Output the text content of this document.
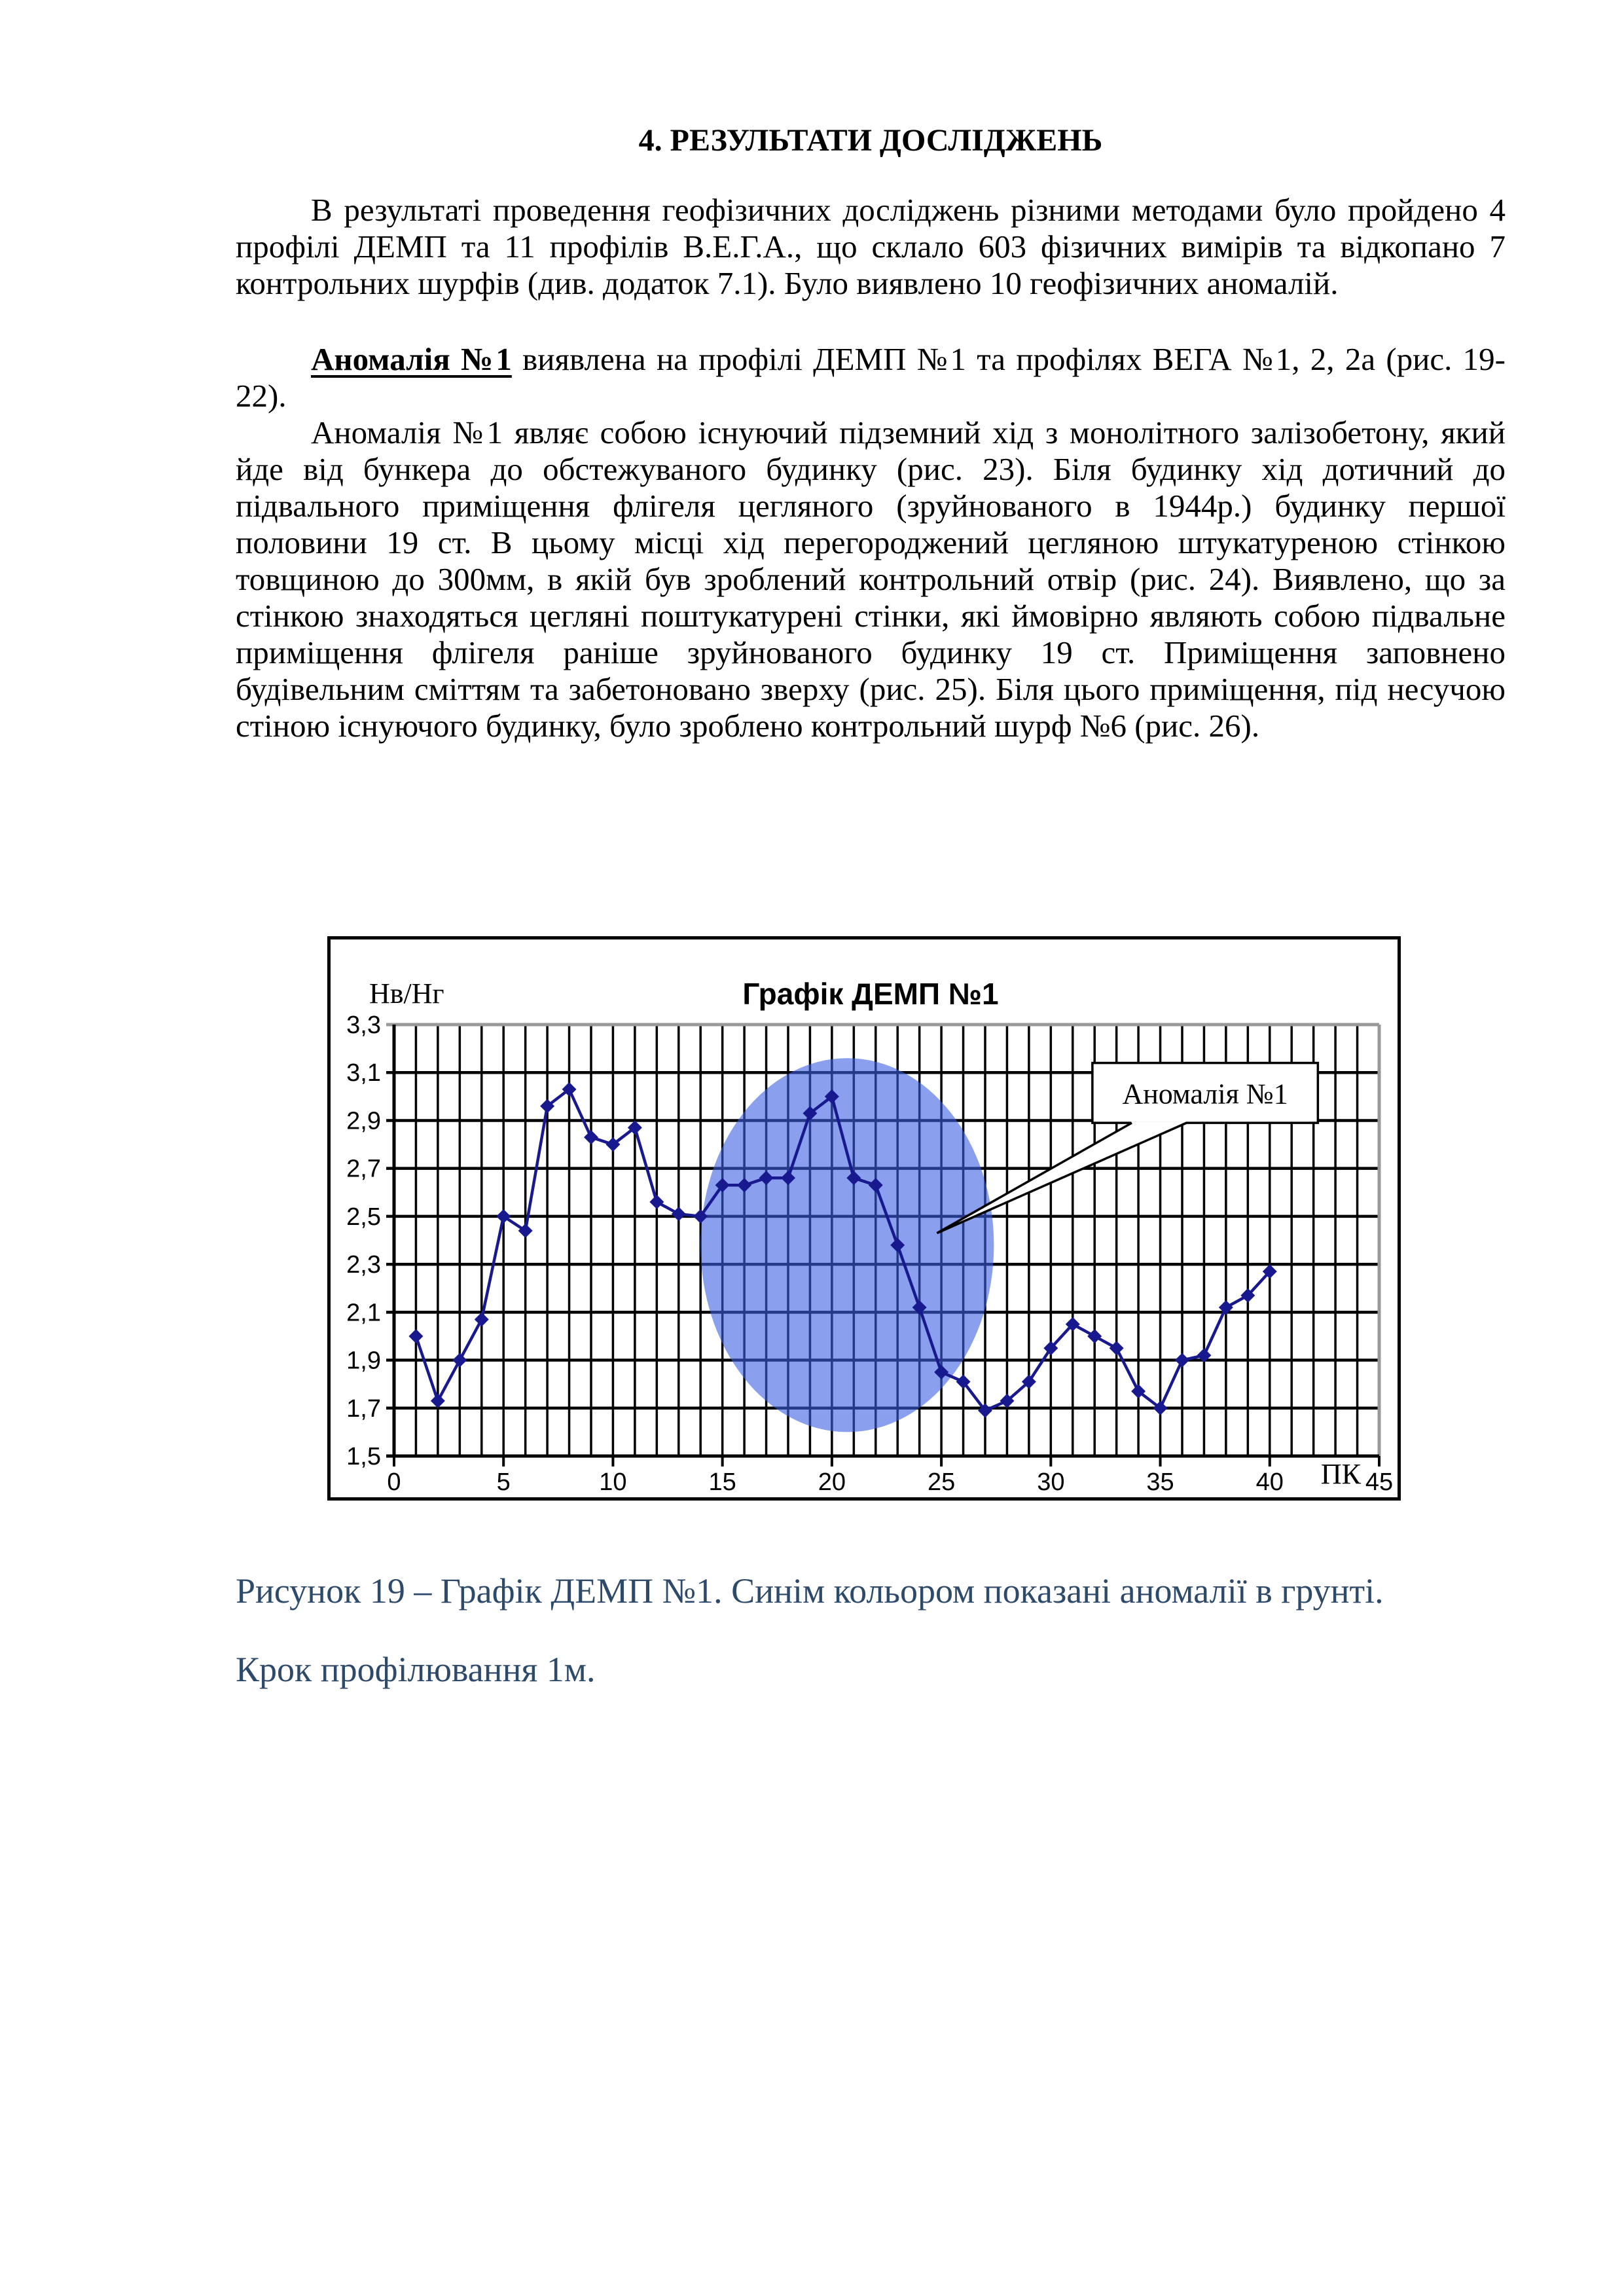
4. РЕЗУЛЬТАТИ ДОСЛІДЖЕНЬ

В результаті проведення геофізичних досліджень різними методами було пройдено 4 профілі ДЕМП та 11 профілів В.Е.Г.А., що склало 603 фізичних вимірів та відкопано 7 контрольних шурфів (див. додаток 7.1). Було виявлено 10 геофізичних аномалій.

Аномалія №1 виявлена на профілі ДЕМП №1 та профілях ВЕГА №1, 2, 2а (рис. 19-22).

Аномалія №1 являє собою існуючий підземний хід з монолітного залізобетону, який йде від бункера до обстежуваного будинку (рис. 23). Біля будинку хід дотичний до підвального приміщення флігеля цегляного (зруйнованого в 1944р.) будинку першої половини 19 ст. В цьому місці хід перегороджений цегляною штукатуреною стінкою товщиною до 300мм, в якій був зроблений контрольний отвір (рис. 24). Виявлено, що за стінкою знаходяться цегляні поштукатурені стінки, які ймовірно являють собою підвальне приміщення флігеля раніше зруйнованого будинку 19 ст. Приміщення заповнено будівельним сміттям та забетоновано зверху (рис. 25). Біля цього приміщення, під несучою стіною існуючого будинку, було зроблено контрольний шурф №6 (рис. 26).

0	5	10	15	20	25	30	35	40	45
1,5
1,7
1,9
2,1
2,3
2,5
2,7
2,9
3,1
3,3
Аномалія №1
Графік ДЕМП №1
Нв/Нг
ПК
Рисунок 19 – Графік ДЕМП №1. Синім кольором показані аномалії в грунті. Крок профілювання 1м.
